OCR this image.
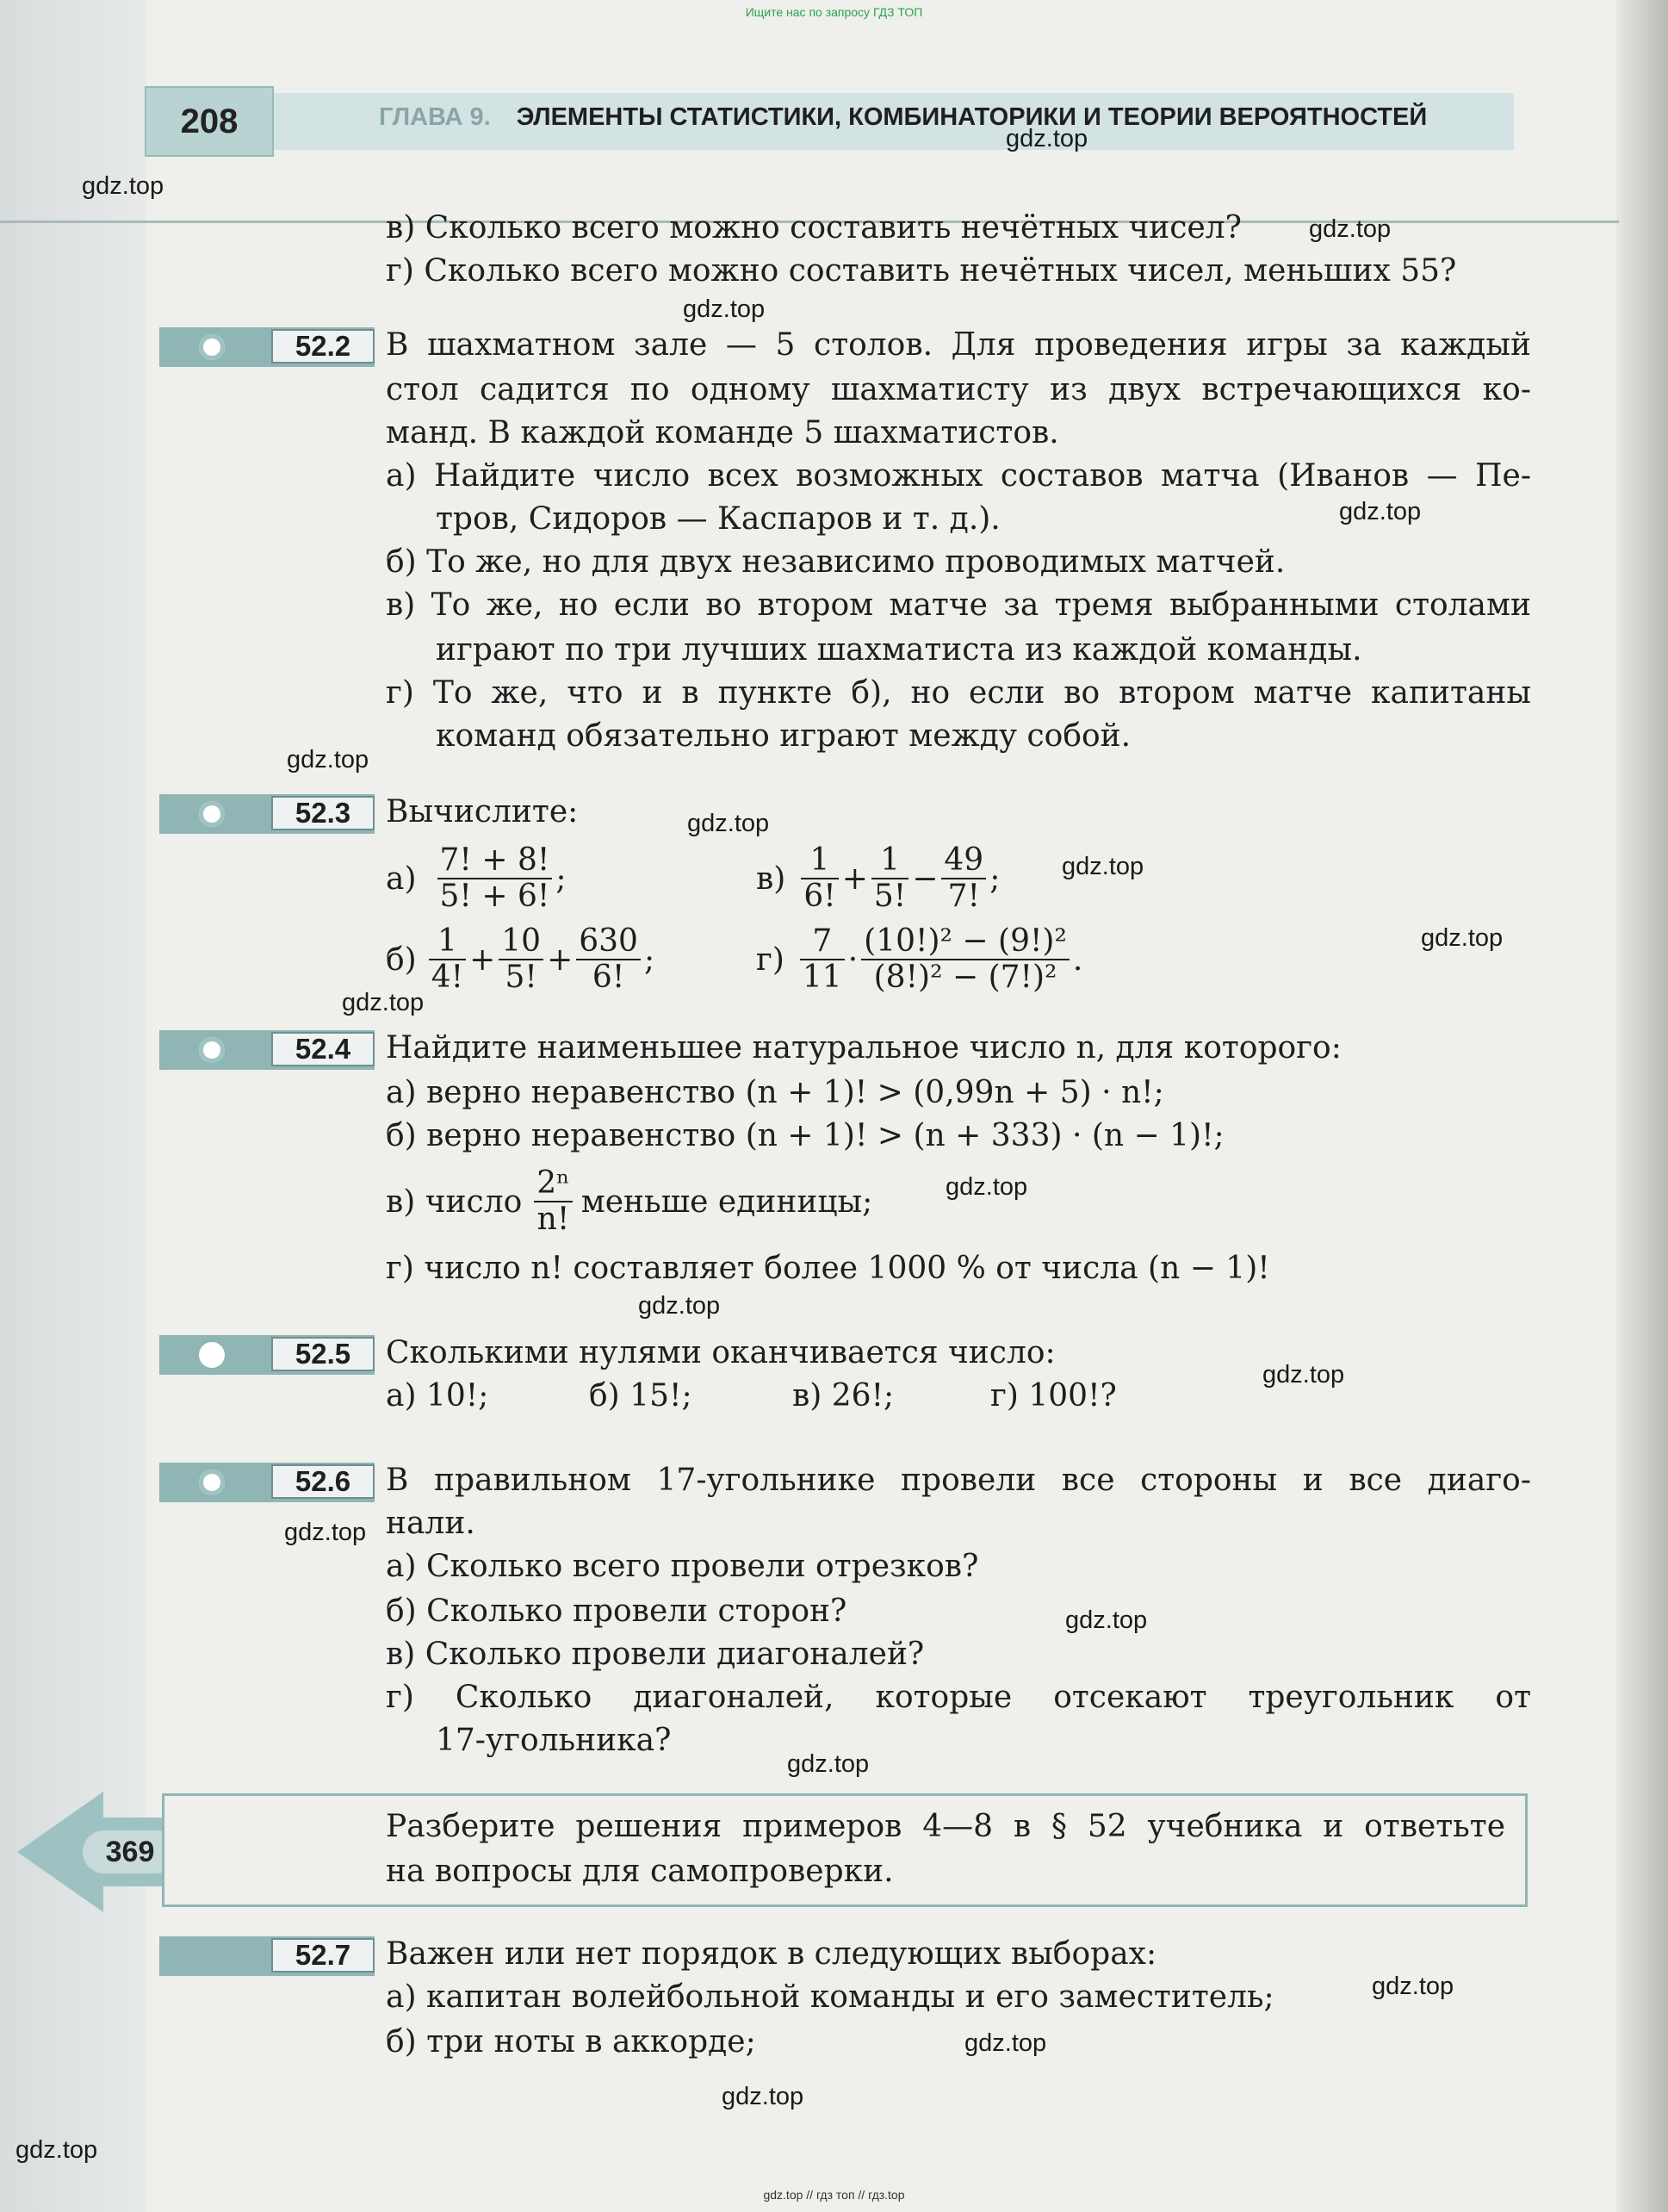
Ищите нас по запросу ГДЗ ТОП
208	ГЛАВА 9. ЭЛЕМЕНТЫ СТАТИСТИКИ, КОМБИНАТОРИКИ И ТЕОРИИ ВЕРОЯТНОСТЕЙ
gdz.top
gdz.top
gdz.top
gdz.top
gdz.top
gdz.top
gdz.top
gdz.top
gdz.top
gdz.top
gdz.top
gdz.top
gdz.top
gdz.top
gdz.top
gdz.top
gdz.top
gdz.top
gdz.top
gdz.top
в) Сколько всего можно составить нечётных чисел?
г) Сколько всего можно составить нечётных чисел, меньших 55?
52.2	В шахматном зале — 5 столов. Для проведения игры за каждый
стол садится по одному шахматисту из двух встречающихся ко-
манд. В каждой команде 5 шахматистов.
а) Найдите число всех возможных составов матча (Иванов — Пе-
тров, Сидоров — Каспаров и т. д.).
б) То же, но для двух независимо проводимых матчей.
в) То же, но если во втором матче за тремя выбранными столами
играют по три лучших шахматиста из каждой команды.
г) То же, что и в пункте б), но если во втором матче капитаны
команд обязательно играют между собой.
52.3	Вычислите:
$а) \frac{7! + 8!}{5! + 6!}$ ;	$в) \frac{1}{6!} + \frac{1}{5!} - \frac{49}{7!}$ ;
$б) \frac{1}{4!} + \frac{10}{5!} + \frac{630}{6!}$ ;	$г) \frac{7}{11} \cdot \frac{\text{(10!)² − (9!)²}}{\text{(8!)² − (7!)²}}$ .
52.4	Найдите наименьшее натуральное число n, для которого:
а) верно неравенство (n + 1)! > (0,99n + 5) · n!;
б) верно неравенство (n + 1)! > (n + 333) · (n − 1)!;
в) число $\frac{\text{2ⁿ}}{n!}$ меньше единицы;
г) число n! составляет более 1000 % от числа (n − 1)!
52.5	Сколькими нулями оканчивается число:
а) 10!;	б) 15!;	в) 26!;	г) 100!?
52.6	В правильном 17-угольнике провели все стороны и все диаго-
нали.
а) Сколько всего провели отрезков?
б) Сколько провели сторон?
в) Сколько провели диагоналей?
г) Сколько диагоналей, которые отсекают треугольник от
17-угольника?
369
Разберите решения примеров 4—8 в § 52 учебника и ответьте
на вопросы для самопроверки.
52.7	Важен или нет порядок в следующих выборах:
а) капитан волейбольной команды и его заместитель;
б) три ноты в аккорде;
gdz.top // гдз топ // гдз.top
